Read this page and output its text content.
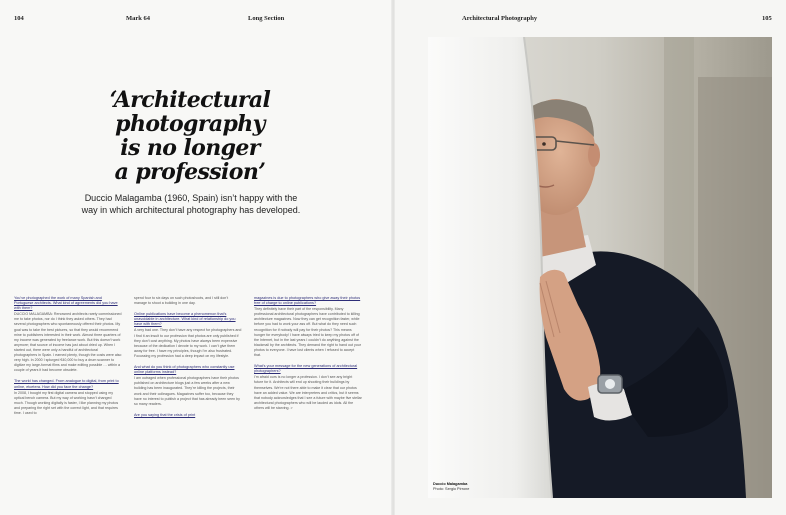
104	Mark 64	Long Section	Architectural Photography	105
‘Architectural
photography
is no longer
a profession’
Duccio Malagamba (1960, Spain) isn’t happy with the
way in which architectural photography has developed.
You’ve photographed the work of many Spanish and Portuguese architects. What kind of agreements did you have with them?
DUCCIO MALAGAMBA: Renowned architects rarely commissioned me to take photos, nor do I think they asked others. They had several photographers who spontaneously offered their photos. My goal was to take the best pictures, so that they would recommend mine to publishers interested in their work. Almost three quarters of my income was generated by freelance work. But this doesn’t work anymore; that source of income has just about dried up. When I started out, there were only a handful of architectural photographers in Spain. I earned plenty, though the costs were also very high. In 2000 I splurged €40,000 to buy a drum scanner to digitize my large-format films and make editing possible … within a couple of years it had become obsolete.
The world has changed. From analogue to digital, from print to online, etcetera. How did you face the change?
In 2008, I bought my first digital camera and stopped using my optical bench camera. But my way of working hasn’t changed much. Though working digitally is faster, I like planning my photos and preparing the right set with the correct light, and that requires time. I used to
spend four to six days on such photoshoots, and I still don’t manage to shoot a building in one day.
Online publications have become a phenomenon that’s unavoidable in architecture. What kind of relationship do you have with them?
A very bad one. They don’t have any respect for photographers and I find it an insult to our profession that photos are only published if they don’t cost anything. My photos have always been expensive because of the dedication I devote to my work. I can’t give them away for free. I have my principles, though I’m also frustrated. Focussing my profession had a deep impact on my lifestyle.
And what do you think of photographers who constantly use online platforms instead?
I am outraged when professional photographers have their photos published on architecture blogs just a few weeks after a new building has been inaugurated. They’re killing the projects, their work and their colleagues. Magazines suffer too, because they have no interest to publish a project that has already been seen by so many readers.
Are you saying that the crisis of print
magazines is due to photographers who give away their photos free of charge to online publications?
They definitely have their part of the responsibility. Many professional architectural photographers have contributed to killing architecture magazines. Now they can get recognition faster, while before you had to work your ass off. But what do they need such recognition for if nobody will pay for their photos? This means hunger for everybody! I have always tried to keep my photos off of the Internet, but in the last years I couldn’t do anything against the blackmail by the architects. They demand the right to hand out your photos to everyone. I have lost clients when I refused to accept that.
What’s your message for the new generations of architectural photographers?
I’m afraid ours is no longer a profession. I don’t see any bright future for it. Architects will end up shooting their buildings by themselves. We’re not there able to make it clear that our photos have an added value. We are interpreters and critics, but it seems that nobody acknowledges that I see a future with maybe five stellar architectural photographers who will be lauded as idols. All the others will be starving. >
Duccio Malagamba
Photo: Sergio Pirrone
